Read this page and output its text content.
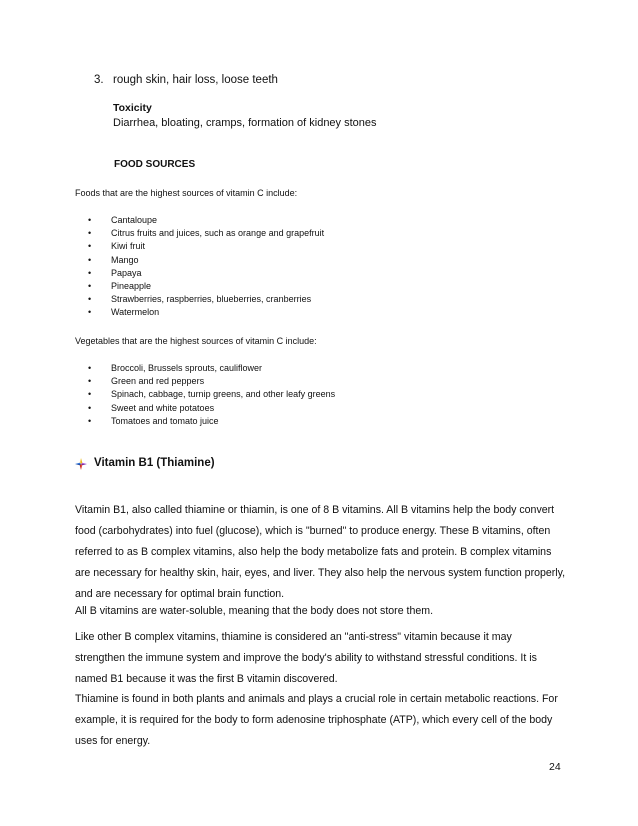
3. rough skin, hair loss, loose teeth
Toxicity
Diarrhea, bloating, cramps, formation of kidney stones
FOOD SOURCES
Foods that are the highest sources of vitamin C include:
• Cantaloupe
• Citrus fruits and juices, such as orange and grapefruit
• Kiwi fruit
• Mango
• Papaya
• Pineapple
• Strawberries, raspberries, blueberries, cranberries
• Watermelon
Vegetables that are the highest sources of vitamin C include:
• Broccoli, Brussels sprouts, cauliflower
• Green and red peppers
• Spinach, cabbage, turnip greens, and other leafy greens
• Sweet and white potatoes
• Tomatoes and tomato juice
Vitamin B1 (Thiamine)
Vitamin B1, also called thiamine or thiamin, is one of 8 B vitamins. All B vitamins help the body convert
food (carbohydrates) into fuel (glucose), which is "burned" to produce energy. These B vitamins, often
referred to as B complex vitamins, also help the body metabolize fats and protein. B complex vitamins
are necessary for healthy skin, hair, eyes, and liver. They also help the nervous system function properly,
and are necessary for optimal brain function.
All B vitamins are water-soluble, meaning that the body does not store them.
Like other B complex vitamins, thiamine is considered an "anti-stress" vitamin because it may
strengthen the immune system and improve the body's ability to withstand stressful conditions. It is
named B1 because it was the first B vitamin discovered.
Thiamine is found in both plants and animals and plays a crucial role in certain metabolic reactions. For
example, it is required for the body to form adenosine triphosphate (ATP), which every cell of the body
uses for energy.
24
